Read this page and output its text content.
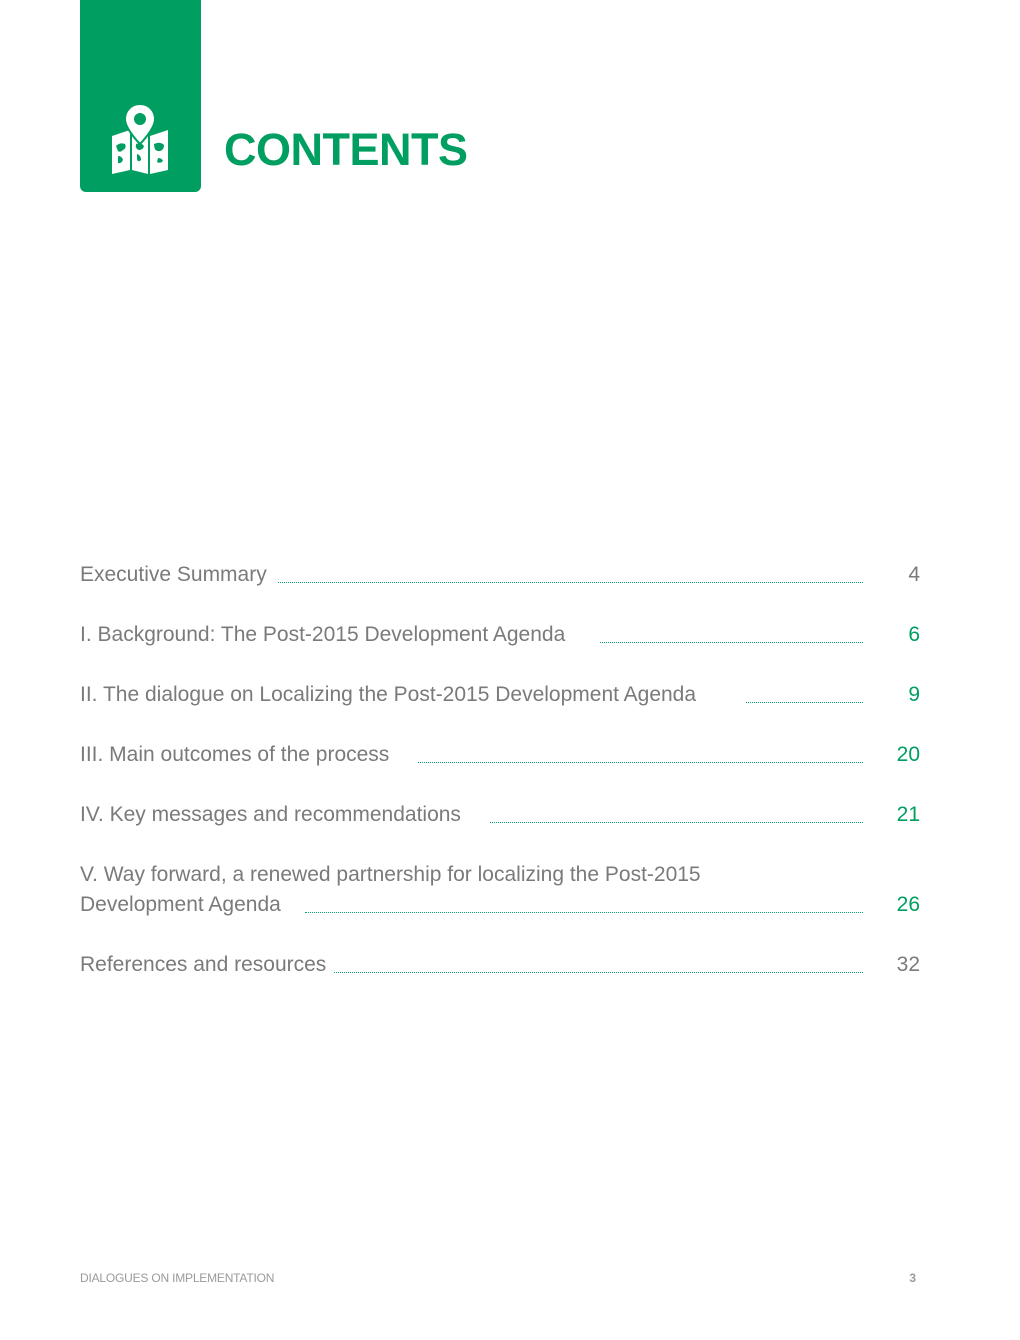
CONTENTS
Executive Summary	4
I. Background: The Post-2015 Development Agenda	6
II. The dialogue on Localizing the Post-2015 Development Agenda	9
III. Main outcomes of the process	20
IV. Key messages and recommendations	21
V. Way forward, a renewed partnership for localizing the Post-2015
Development Agenda	26
References and resources	32
DIALOGUES ON IMPLEMENTATION	3
